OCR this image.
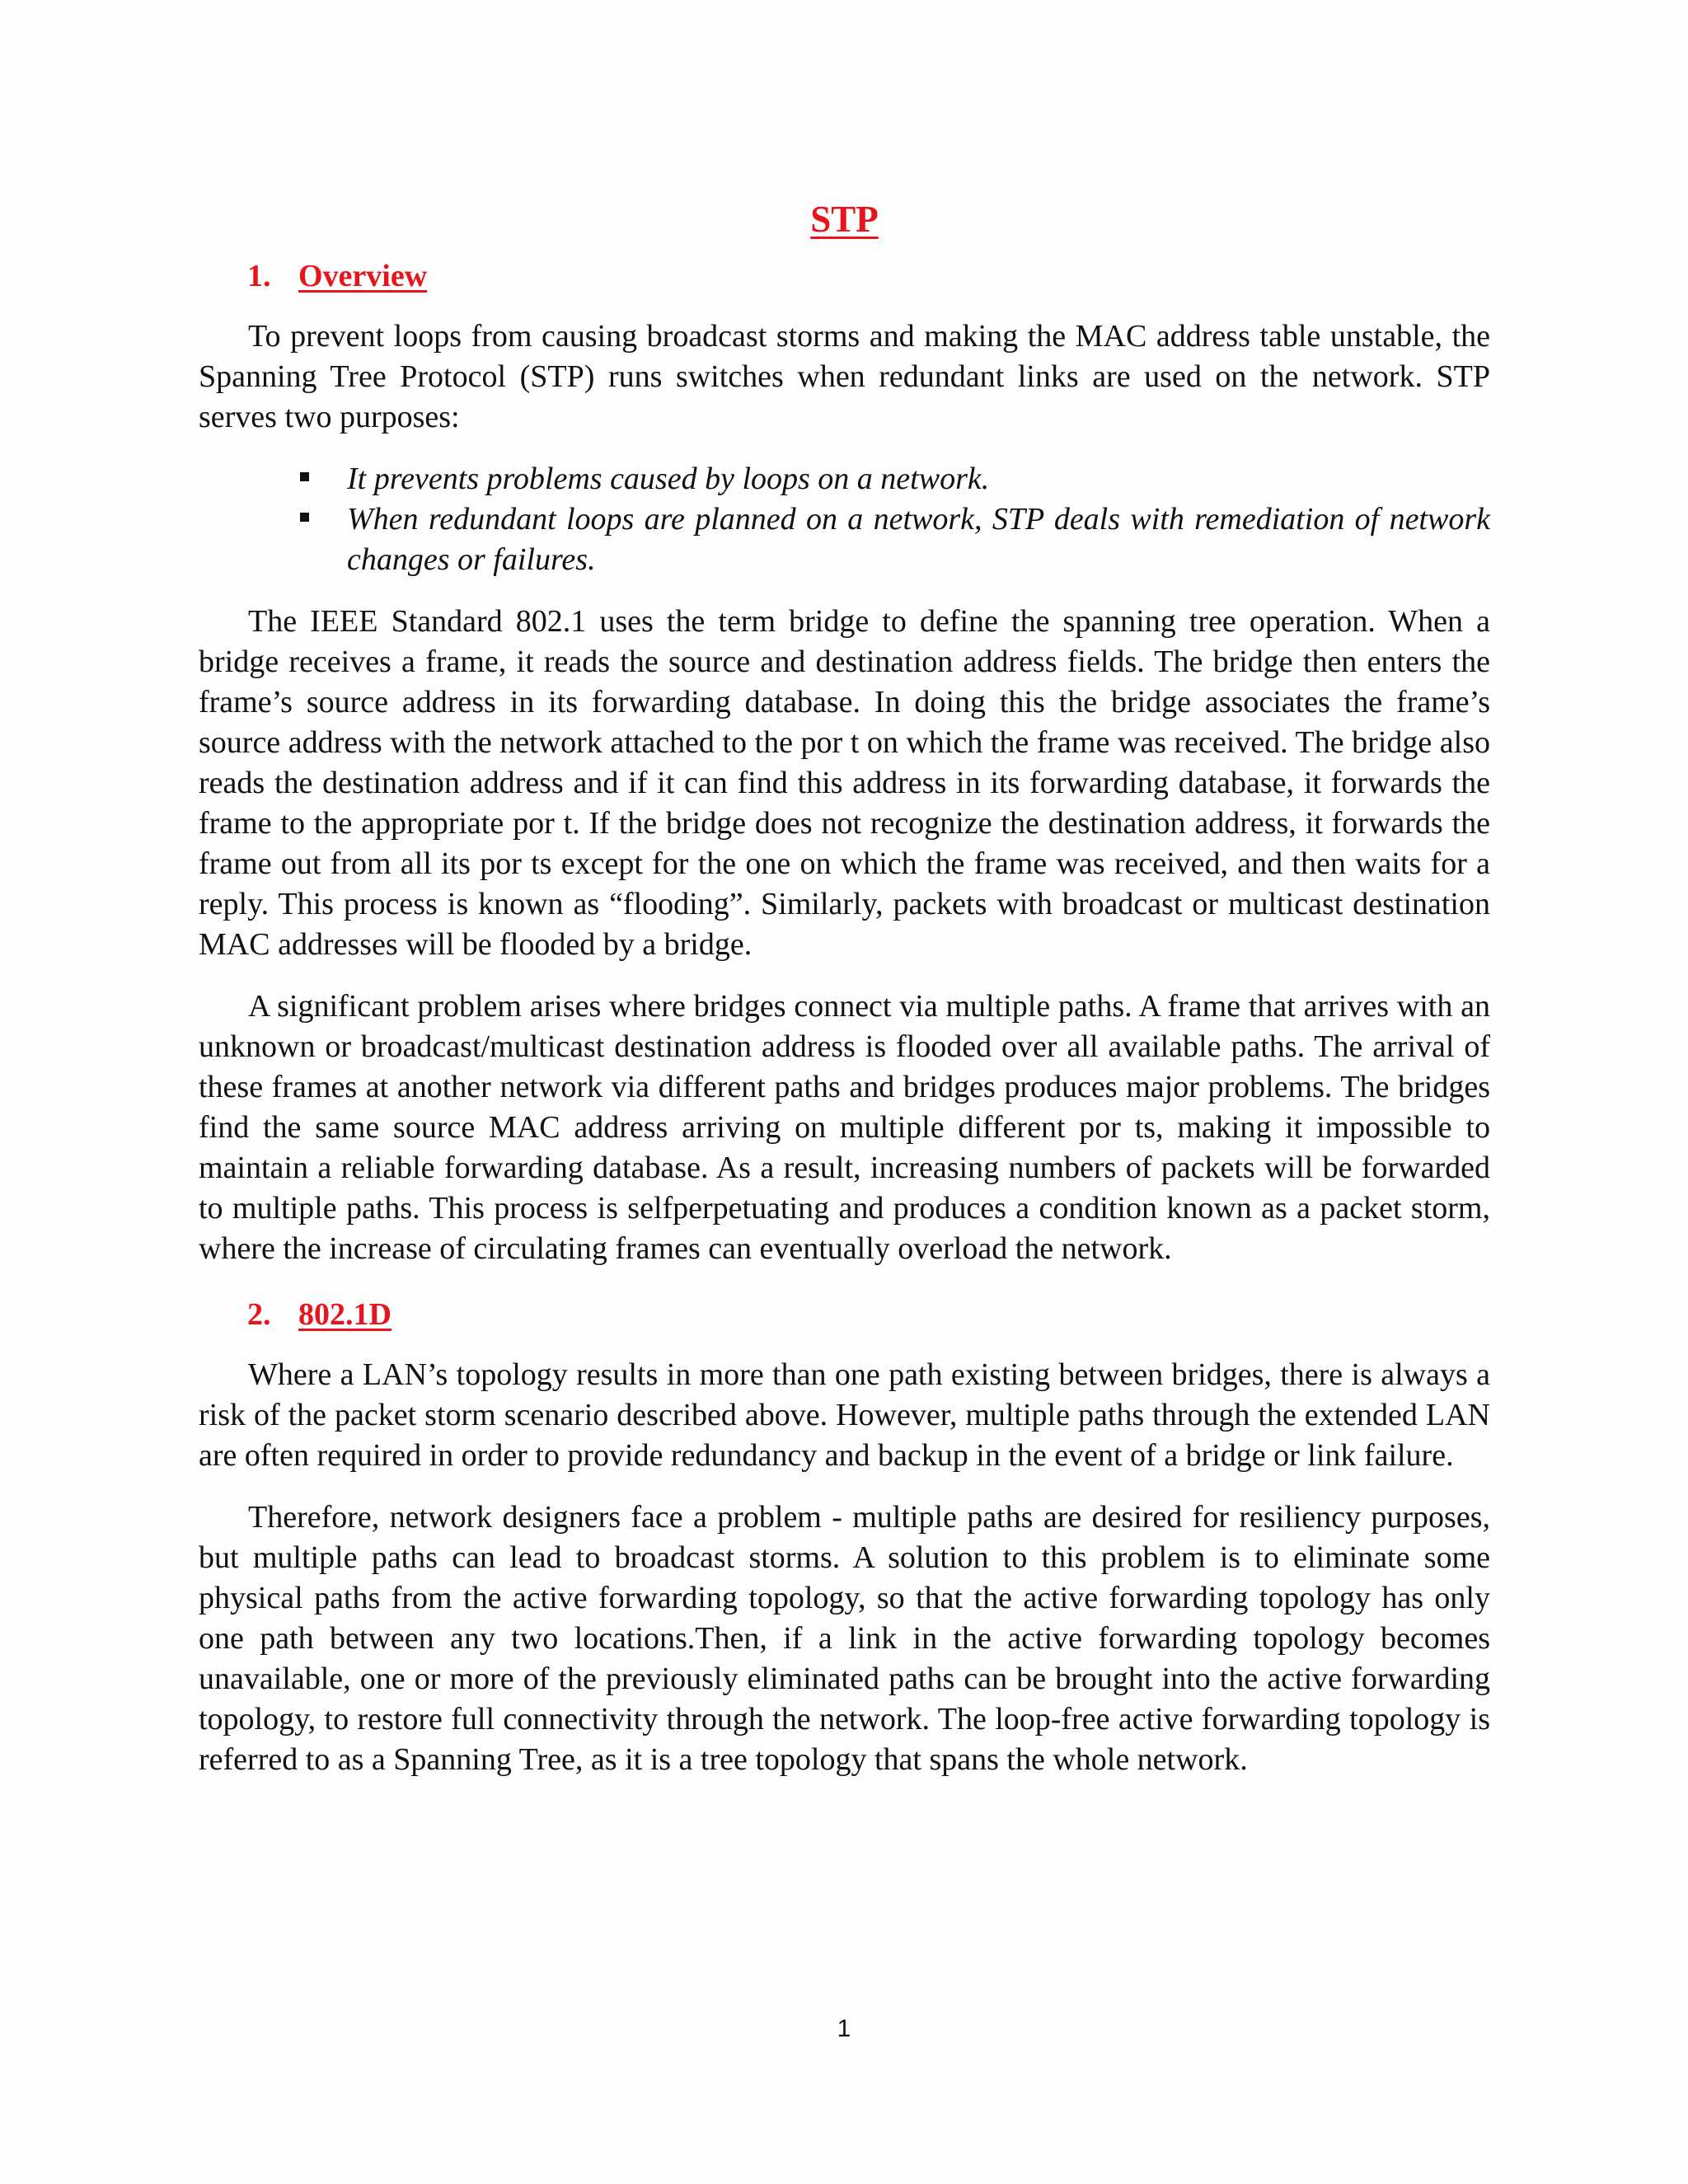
STP
1. Overview

To prevent loops from causing broadcast storms and making the MAC address table unstable, the Spanning Tree Protocol (STP) runs switches when redundant links are used on the network. STP serves two purposes:

It prevents problems caused by loops on a network.
When redundant loops are planned on a network, STP deals with remediation of network changes or failures.

The IEEE Standard 802.1 uses the term bridge to define the spanning tree operation. When a bridge receives a frame, it reads the source and destination address fields. The bridge then enters the frame’s source address in its forwarding database. In doing this the bridge associates the frame’s source address with the network attached to the por t on which the frame was received. The bridge also reads the destination address and if it can find this address in its forwarding database, it forwards the frame to the appropriate por t. If the bridge does not recognize the destination address, it forwards the frame out from all its por ts except for the one on which the frame was received, and then waits for a reply. This process is known as “flooding”. Similarly, packets with broadcast or multicast destination MAC addresses will be flooded by a bridge.

A significant problem arises where bridges connect via multiple paths. A frame that arrives with an unknown or broadcast/multicast destination address is flooded over all available paths. The arrival of these frames at another network via different paths and bridges produces major problems. The bridges find the same source MAC address arriving on multiple different por ts, making it impossible to maintain a reliable forwarding database. As a result, increasing numbers of packets will be forwarded to multiple paths. This process is selfperpetuating and produces a condition known as a packet storm, where the increase of circulating frames can eventually overload the network.

2. 802.1D

Where a LAN’s topology results in more than one path existing between bridges, there is always a risk of the packet storm scenario described above. However, multiple paths through the extended LAN are often required in order to provide redundancy and backup in the event of a bridge or link failure.

Therefore, network designers face a problem - multiple paths are desired for resiliency purposes, but multiple paths can lead to broadcast storms. A solution to this problem is to eliminate some physical paths from the active forwarding topology, so that the active forwarding topology has only one path between any two locations.Then, if a link in the active forwarding topology becomes unavailable, one or more of the previously eliminated paths can be brought into the active forwarding topology, to restore full connectivity through the network. The loop-free active forwarding topology is referred to as a Spanning Tree, as it is a tree topology that spans the whole network.

1
